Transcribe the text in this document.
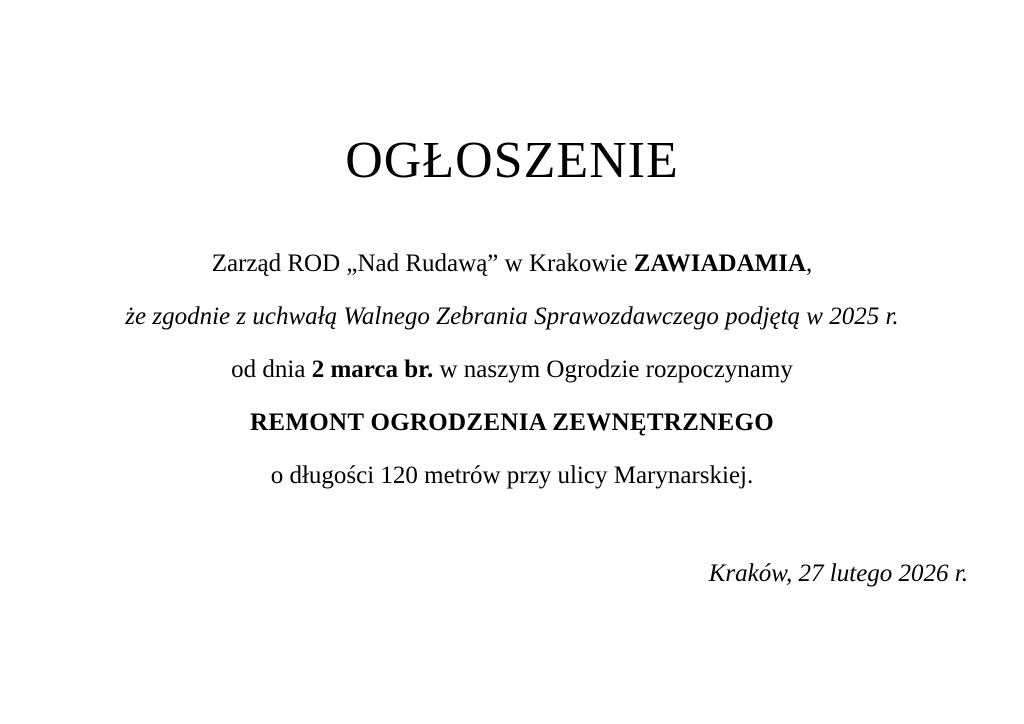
OGŁOSZENIE

Zarząd ROD „Nad Rudawą” w Krakowie ZAWIADAMIA,

że zgodnie z uchwałą Walnego Zebrania Sprawozdawczego podjętą w 2025 r.

od dnia 2 marca br. w naszym Ogrodzie rozpoczynamy

REMONT OGRODZENIA ZEWNĘTRZNEGO

o długości 120 metrów przy ulicy Marynarskiej.

Kraków, 27 lutego 2026 r.
